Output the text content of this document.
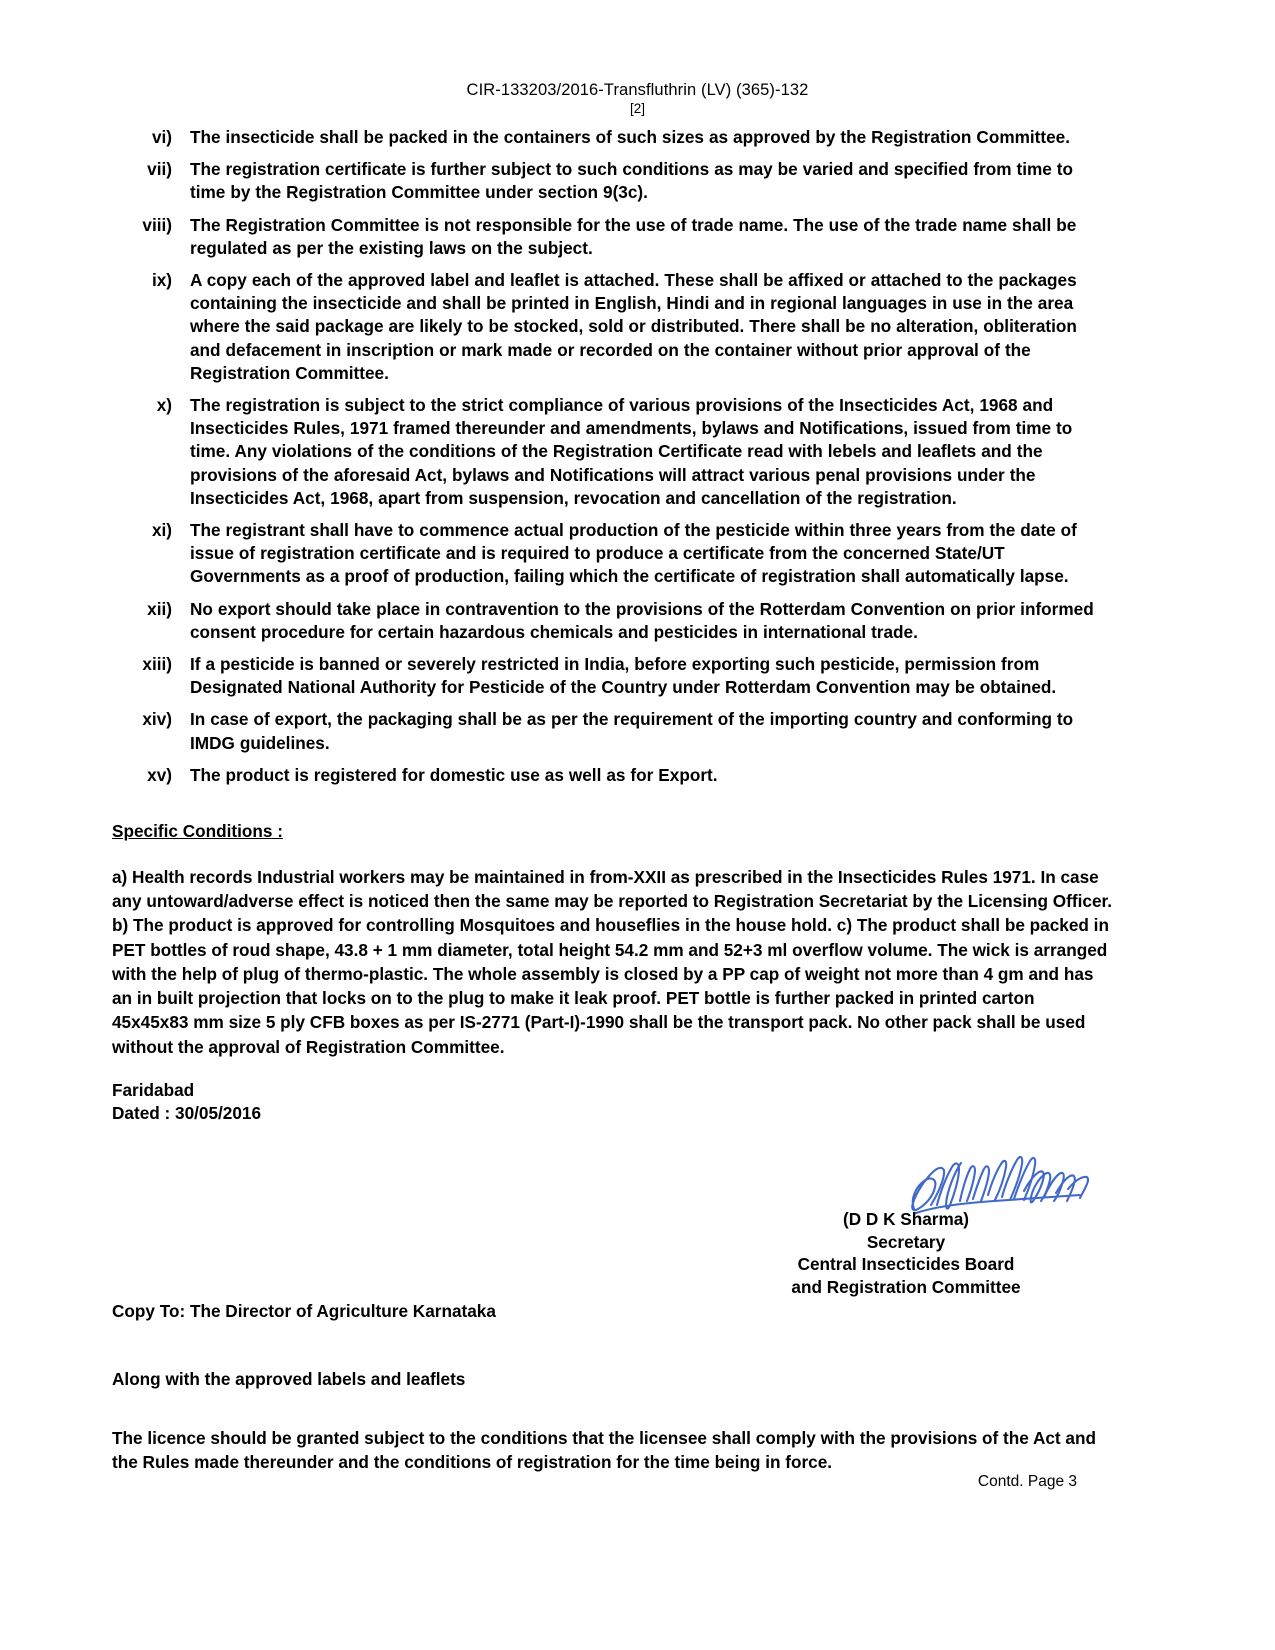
CIR-133203/2016-Transfluthrin (LV) (365)-132
[2]
vi)	The insecticide shall be packed in the containers of such sizes as approved by the Registration Committee.
vii)	The registration certificate is further subject to such conditions as may be varied and specified from time to time by the Registration Committee under section 9(3c).
viii)	The Registration Committee is not responsible for the use of trade name. The use of the trade name shall be regulated as per the existing laws on the subject.
ix)	A copy each of the approved label and leaflet is attached. These shall be affixed or attached to the packages containing the insecticide and shall be printed in English, Hindi and in regional languages in use in the area where the said package are likely to be stocked, sold or distributed. There shall be no alteration, obliteration and defacement in inscription or mark made or recorded on the container without prior approval of the Registration Committee.
x)	The registration is subject to the strict compliance of various provisions of the Insecticides Act, 1968 and Insecticides Rules, 1971 framed thereunder and amendments, bylaws and Notifications, issued from time to time. Any violations of the conditions of the Registration Certificate read with lebels and leaflets and the provisions of the aforesaid Act, bylaws and Notifications will attract various penal provisions under the Insecticides Act, 1968, apart from suspension, revocation and cancellation of the registration.
xi)	The registrant shall have to commence actual production of the pesticide within three years from the date of issue of registration certificate and is required to produce a certificate from the concerned State/UT Governments as a proof of production, failing which the certificate of registration shall automatically lapse.
xii)	No export should take place in contravention to the provisions of the Rotterdam Convention on prior informed consent procedure for certain hazardous chemicals and pesticides in international trade.
xiii)	If a pesticide is banned or severely restricted in India, before exporting such pesticide, permission from Designated National Authority for Pesticide of the Country under Rotterdam Convention may be obtained.
xiv)	In case of export, the packaging shall be as per the requirement of the importing country and conforming to IMDG guidelines.
xv)	The product is registered for domestic use as well as for Export.
Specific Conditions :
a) Health records Industrial workers may be maintained in from-XXII as prescribed in the Insecticides Rules 1971. In case any untoward/adverse effect is noticed then the same may be reported to Registration Secretariat by the Licensing Officer. b) The product is approved for controlling Mosquitoes and houseflies in the house hold. c) The product shall be packed in PET bottles of roud shape, 43.8 + 1 mm diameter, total height 54.2 mm and 52+3 ml overflow volume. The wick is arranged with the help of plug of thermo-plastic. The whole assembly is closed by a PP cap of weight not more than 4 gm and has an in built projection that locks on to the plug to make it leak proof. PET bottle is further packed in printed carton 45x45x83 mm size 5 ply CFB boxes as per IS-2771 (Part-I)-1990 shall be the transport pack. No other pack shall be used without the approval of Registration Committee.
Faridabad
Dated : 30/05/2016
(D D K Sharma)
Secretary
Central Insecticides Board
and Registration Committee
Copy To: The Director of Agriculture Karnataka
Along with the approved labels and leaflets
The licence should be granted subject to the conditions that the licensee shall comply with the provisions of the Act and the Rules made thereunder and the conditions of registration for the time being in force.
Contd. Page 3
